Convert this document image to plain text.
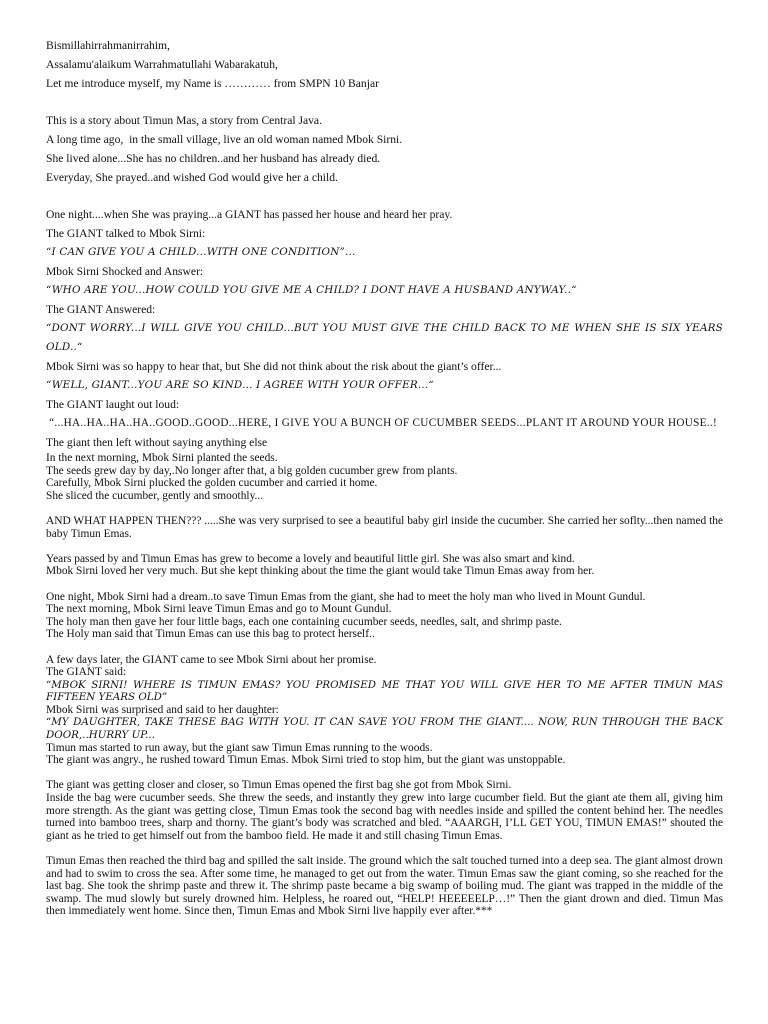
Bismillahirrahmanirrahim,

Assalamu'alaikum Warrahmatullahi Wabarakatuh,

Let me introduce myself, my Name is ………… from SMPN 10 Banjar

This is a story about Timun Mas, a story from Central Java.

A long time ago,  in the small village, live an old woman named Mbok Sirni.

She lived alone...She has no children..and her husband has already died.

Everyday, She prayed..and wished God would give her a child.

One night....when She was praying...a GIANT has passed her house and heard her pray.

The GIANT talked to Mbok Sirni:

“I CAN GIVE YOU A CHILD...WITH ONE CONDITION”...

Mbok Sirni Shocked and Answer:

“WHO ARE YOU...HOW COULD YOU GIVE ME A CHILD? I DONT HAVE A HUSBAND ANYWAY..“

The GIANT Answered:

“DONT WORRY...I WILL GIVE YOU CHILD...BUT YOU MUST GIVE THE CHILD BACK TO ME WHEN SHE IS SIX YEARS OLD..“

Mbok Sirni was so happy to hear that, but She did not think about the risk about the giant’s offer...

“WELL, GIANT...YOU ARE SO KIND... I AGREE WITH YOUR OFFER...“

The GIANT laught out loud:

“...HA..HA..HA..HA..GOOD..GOOD...HERE, I GIVE YOU A BUNCH OF CUCUMBER SEEDS...PLANT IT AROUND YOUR HOUSE..!

The giant then left without saying anything else

In the next morning, Mbok Sirni planted the seeds.

The seeds grew day by day,.No longer after that, a big golden cucumber grew from plants.

Carefully, Mbok Sirni plucked the golden cucumber and carried it home.

She sliced the cucumber, gently and smoothly...

AND WHAT HAPPEN THEN??? .....She was very surprised to see a beautiful baby girl inside the cucumber. She carried her soflty...then named the baby Timun Emas.

Years passed by and Timun Emas has grew to become a lovely and beautiful little girl. She was also smart and kind.

Mbok Sirni loved her very much. But she kept thinking about the time the giant would take Timun Emas away from her.

One night, Mbok Sirni had a dream..to save Timun Emas from the giant, she had to meet the holy man who lived in Mount Gundul.

The next morning, Mbok Sirni leave Timun Emas and go to Mount Gundul.

The holy man then gave her four little bags, each one containing cucumber seeds, needles, salt, and shrimp paste.

The Holy man said that Timun Emas can use this bag to protect herself..

A few days later, the GIANT came to see Mbok Sirni about her promise.

The GIANT said:

“MBOK SIRNI! WHERE IS TIMUN EMAS? YOU PROMISED ME THAT YOU WILL GIVE HER TO ME AFTER TIMUN MAS FIFTEEN YEARS OLD”

Mbok Sirni was surprised and said to her daughter:

“MY DAUGHTER, TAKE THESE BAG WITH YOU. IT CAN SAVE YOU FROM THE GIANT.... NOW, RUN THROUGH THE BACK DOOR,..HURRY UP...

Timun mas started to run away, but the giant saw Timun Emas running to the woods.

The giant was angry., he rushed toward Timun Emas. Mbok Sirni tried to stop him, but the giant was unstoppable.

The giant was getting closer and closer, so Timun Emas opened the first bag she got from Mbok Sirni.

Inside the bag were cucumber seeds. She threw the seeds, and instantly they grew into large cucumber field. But the giant ate them all, giving him more strength. As the giant was getting close, Timun Emas took the second bag with needles inside and spilled the content behind her. The needles turned into bamboo trees, sharp and thorny. The giant’s body was scratched and bled. “AAARGH, I’LL GET YOU, TIMUN EMAS!” shouted the giant as he tried to get himself out from the bamboo field. He made it and still chasing Timun Emas.

Timun Emas then reached the third bag and spilled the salt inside. The ground which the salt touched turned into a deep sea. The giant almost drown and had to swim to cross the sea. After some time, he managed to get out from the water. Timun Emas saw the giant coming, so she reached for the last bag. She took the shrimp paste and threw it. The shrimp paste became a big swamp of boiling mud. The giant was trapped in the middle of the swamp. The mud slowly but surely drowned him. Helpless, he roared out, “HELP! HEEEEELP…!” Then the giant drown and died. Timun Mas then immediately went home. Since then, Timun Emas and Mbok Sirni live happily ever after.***
